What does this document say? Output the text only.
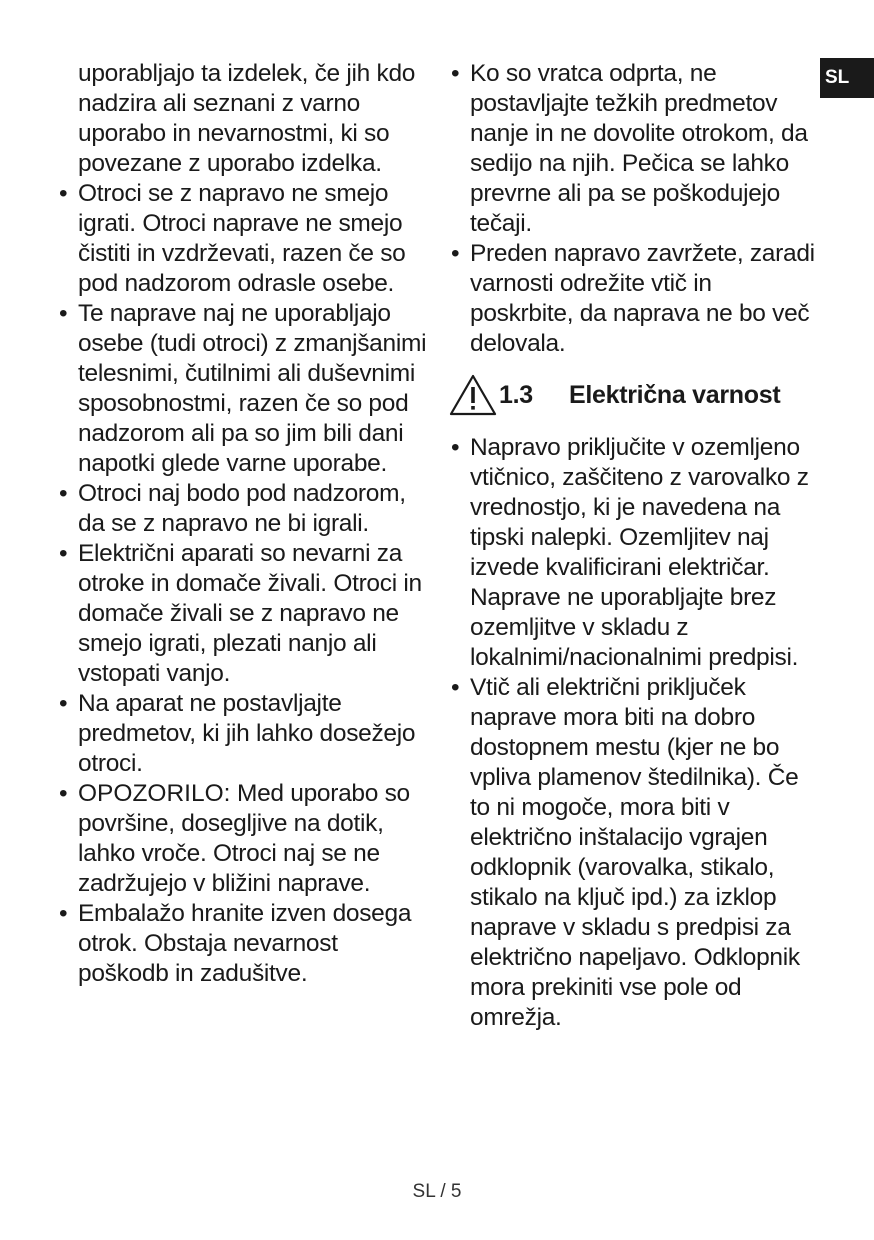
SL

uporabljajo ta izdelek, če jih kdo nadzira ali seznani z varno uporabo in nevarnostmi, ki so povezane z uporabo izdelka.

• Otroci se z napravo ne smejo igrati. Otroci naprave ne smejo čistiti in vzdrževati, razen če so pod nadzorom odrasle osebe.

• Te naprave naj ne uporabljajo osebe (tudi otroci) z zmanjšanimi telesnimi, čutilnimi ali duševnimi sposobnostmi, razen če so pod nadzorom ali pa so jim bili dani napotki glede varne uporabe.

• Otroci naj bodo pod nadzorom, da se z napravo ne bi igrali.

• Električni aparati so nevarni za otroke in domače živali. Otroci in domače živali se z napravo ne smejo igrati, plezati nanjo ali vstopati vanjo.

• Na aparat ne postavljajte predmetov, ki jih lahko dosežejo otroci.

• OPOZORILO: Med uporabo so površine, dosegljive na dotik, lahko vroče. Otroci naj se ne zadržujejo v bližini naprave.

• Embalažo hranite izven dosega otrok. Obstaja nevarnost poškodb in zadušitve.

• Ko so vratca odprta, ne postavljajte težkih predmetov nanje in ne dovolite otrokom, da sedijo na njih. Pečica se lahko prevrne ali pa se poškodujejo tečaji.

• Preden napravo zavržete, zaradi varnosti odrežite vtič in poskrbite, da naprava ne bo več delovala.

1.3	Električna varnost

• Napravo priključite v ozemljeno vtičnico, zaščiteno z varovalko z vrednostjo, ki je navedena na tipski nalepki. Ozemljitev naj izvede kvalificirani električar. Naprave ne uporabljajte brez ozemljitve v skladu z lokalnimi/nacionalnimi predpisi.

• Vtič ali električni priključek naprave mora biti na dobro dostopnem mestu (kjer ne bo vpliva plamenov štedilnika). Če to ni mogoče, mora biti v električno inštalacijo vgrajen odklopnik (varovalka, stikalo, stikalo na ključ ipd.) za izklop naprave v skladu s predpisi za električno napeljavo. Odklopnik mora prekiniti vse pole od omrežja.

SL / 5
